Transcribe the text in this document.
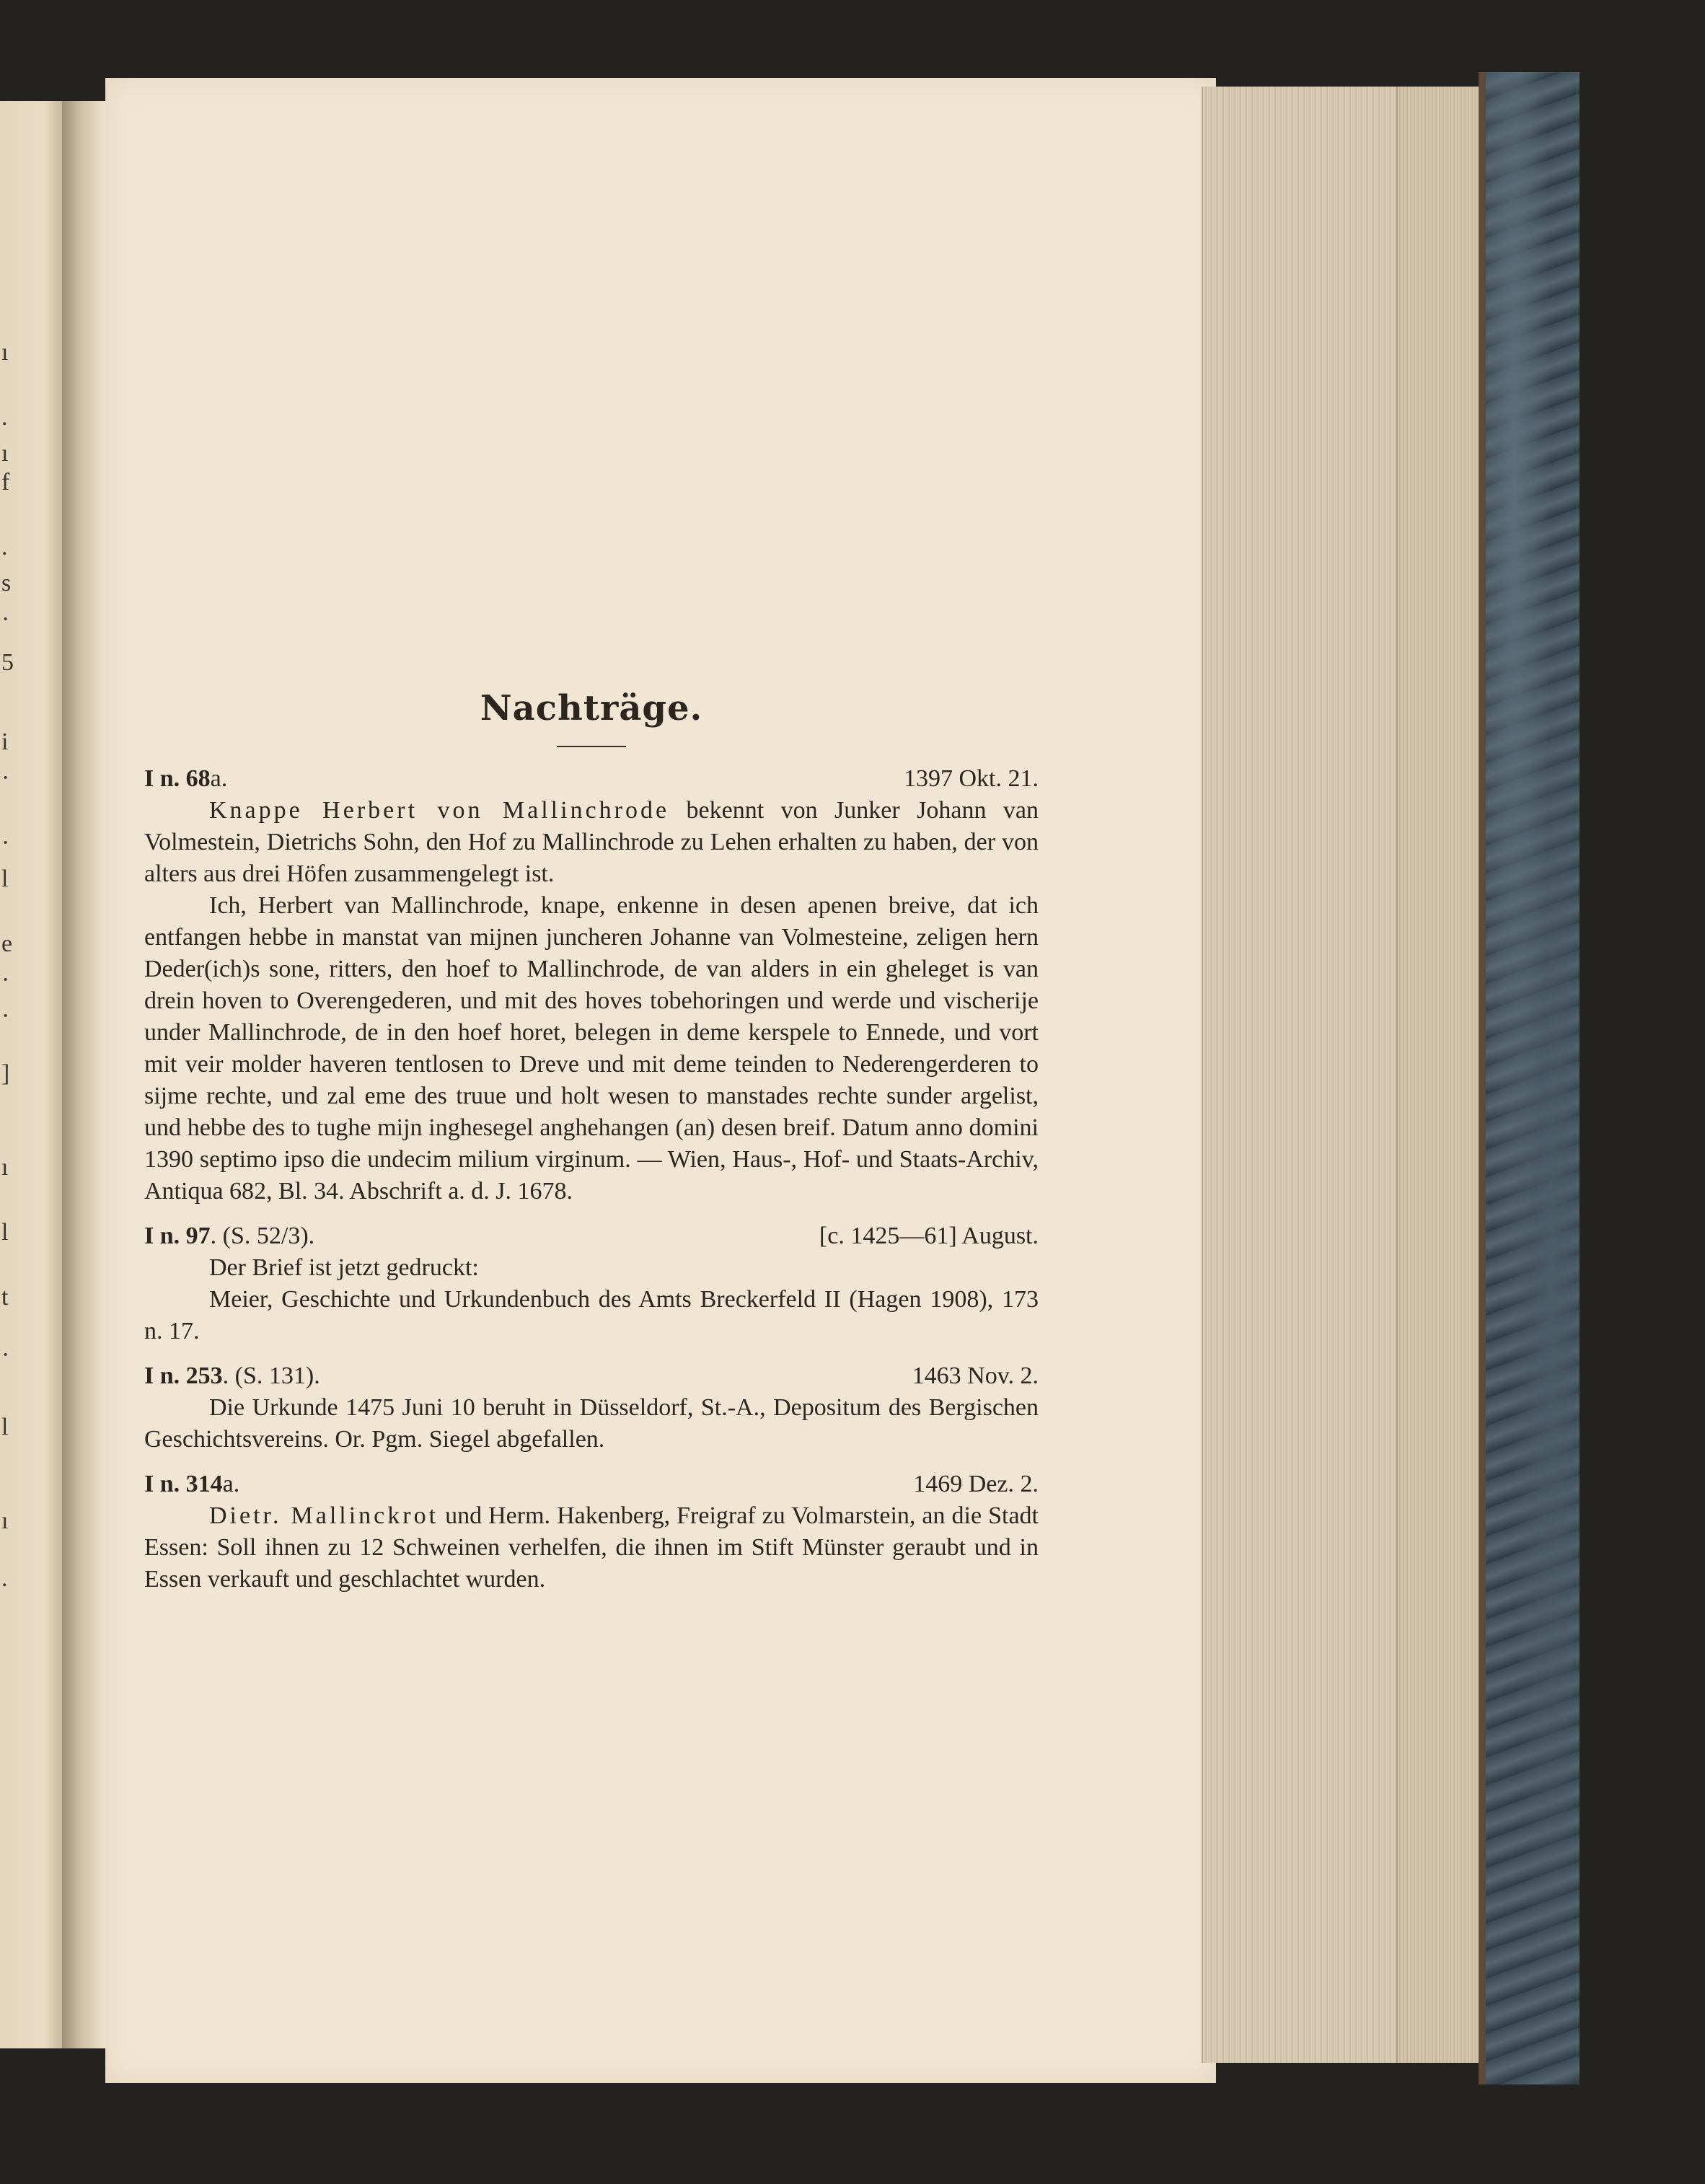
ı
.
ı
f
.
s
·
5
i
·
·
l
e
·
·
]
ı
l
t
·
l
ı
.
Nachträge.
I n. 68a.	1397 Okt. 21.

Knappe Herbert von Mallinchrode bekennt von Junker Johann van Volmestein, Dietrichs Sohn, den Hof zu Mallinchrode zu Lehen erhalten zu haben, der von alters aus drei Höfen zusammengelegt ist.

Ich, Herbert van Mallinchrode, knape, enkenne in desen apenen breive, dat ich entfangen hebbe in manstat van mijnen juncheren Johanne van Volmesteine, zeligen hern Deder(ich)s sone, ritters, den hoef to Mallinchrode, de van alders in ein gheleget is van drein hoven to Overengederen, und mit des hoves tobehoringen und werde und vischerije under Mallinchrode, de in den hoef horet, belegen in deme kerspele to Ennede, und vort mit veir molder haveren tentlosen to Dreve und mit deme teinden to Nederengerderen to sijme rechte, und zal eme des truue und holt wesen to manstades rechte sunder argelist, und hebbe des to tughe mijn inghesegel anghehangen (an) desen breif. Datum anno domini 1390 septimo ipso die undecim milium virginum. — Wien, Haus-, Hof- und Staats-Archiv, Antiqua 682, Bl. 34. Abschrift a. d. J. 1678.

I n. 97. (S. 52/3).	[c. 1425—61] August.

Der Brief ist jetzt gedruckt:

Meier, Geschichte und Urkundenbuch des Amts Breckerfeld II (Hagen 1908), 173 n. 17.

I n. 253. (S. 131).	1463 Nov. 2.

Die Urkunde 1475 Juni 10 beruht in Düsseldorf, St.-A., Depositum des Bergischen Geschichtsvereins. Or. Pgm. Siegel abgefallen.

I n. 314a.	1469 Dez. 2.

Dietr. Mallinckrot und Herm. Hakenberg, Freigraf zu Volmarstein, an die Stadt Essen: Soll ihnen zu 12 Schweinen verhelfen, die ihnen im Stift Münster geraubt und in Essen verkauft und geschlachtet wurden.
